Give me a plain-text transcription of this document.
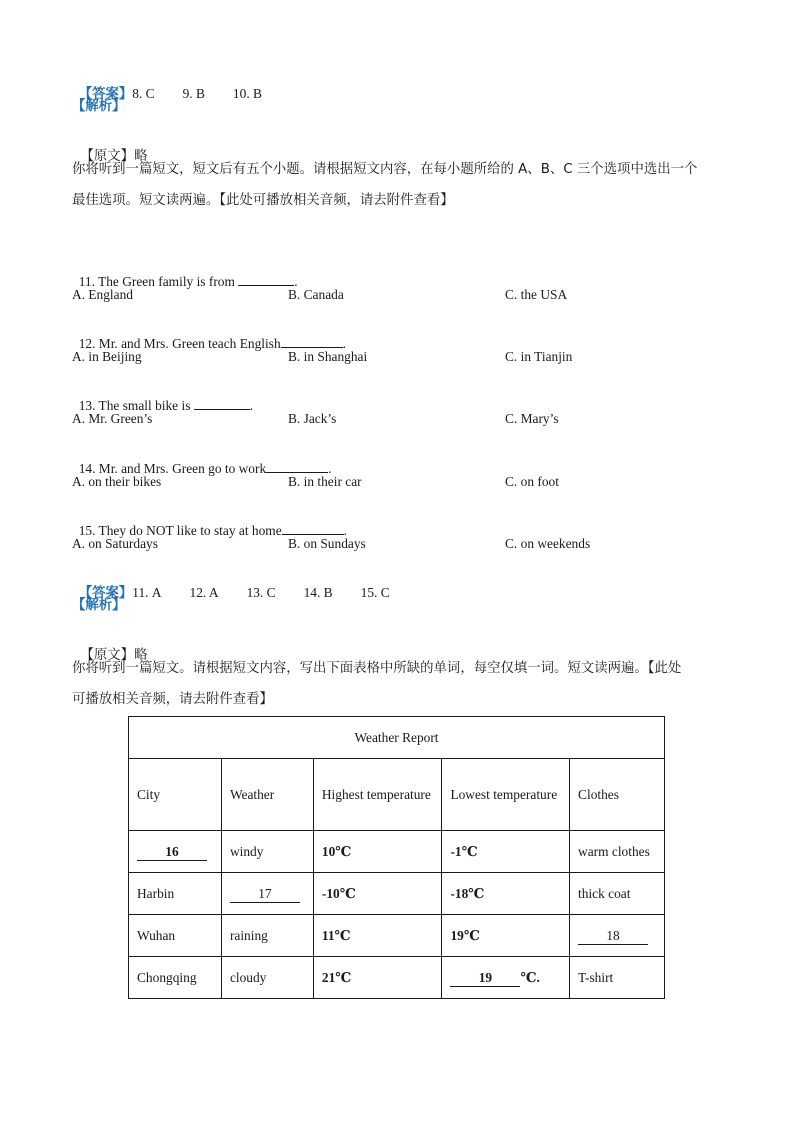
【答案】8. C 9. B 10. B

【解析】

【原文】略

你将听到一篇短文，短文后有五个小题。请根据短文内容，在每小题所给的 A、B、C 三个选项中选出一个
最佳选项。短文读两遍。【此处可播放相关音频，请去附件查看】

11. The Green family is from	.

A. England	B. Canada	C. the USA

12. Mr. and Mrs. Green teach English	.

A. in Beijing	B. in Shanghai	C. in Tianjin

13. The small bike is	.

A. Mr. Green’s	B. Jack’s	C. Mary’s

14. Mr. and Mrs. Green go to work	.

A. on their bikes	B. in their car	C. on foot

15. They do NOT like to stay at home	.

A. on Saturdays	B. on Sundays	C. on weekends

【答案】11. A 12. A 13. C 14. B 15. C

【解析】

【原文】略

你将听到一篇短文。请根据短文内容，写出下面表格中所缺的单词，每空仅填一词。短文读两遍。【此处
可播放相关音频，请去附件查看】
Weather Report				
City	Weather	Highest temperature	Lowest temperature	Clothes
16	windy	10℃	-1℃	warm clothes
Harbin	17	-10℃	-18℃	thick coat
Wuhan	raining	11℃	19℃	18
Chongqing	cloudy	21℃	19 ℃.	T-shirt
